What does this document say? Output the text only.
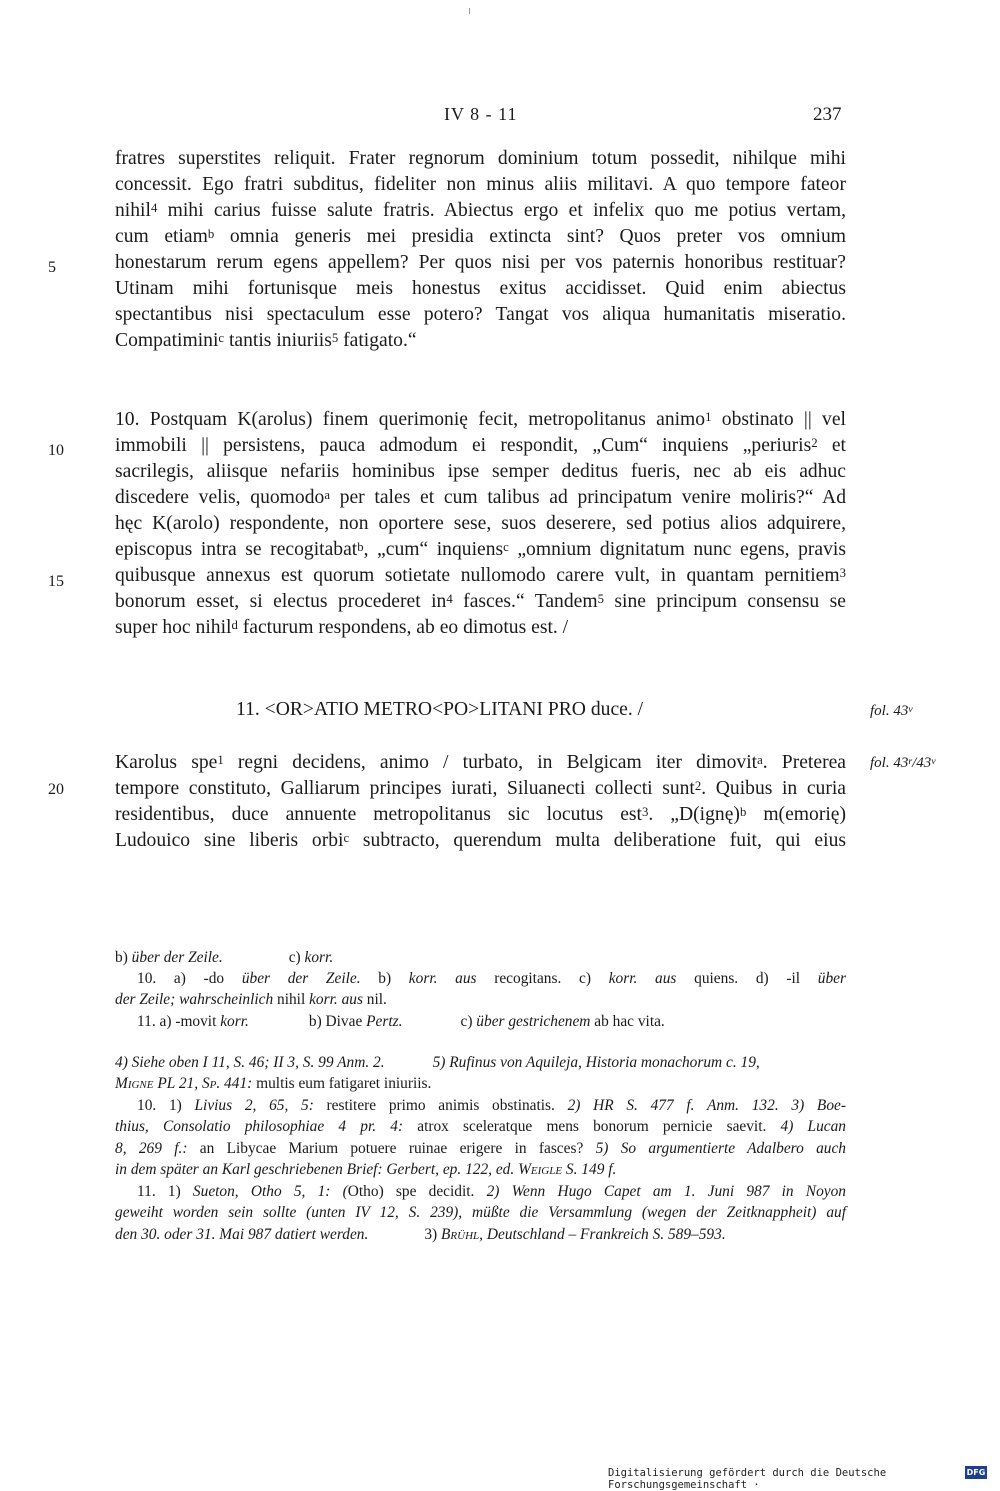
IV 8 - 11	237
5
10
15
20
fol. 43$^v$
fol. 43$^r$/43$^v$
fratres superstites reliquit. Frater regnorum dominium totum possedit, nihilque mihi
concessit. Ego fratri subditus, fideliter non minus aliis militavi. A quo tempore fateor
nihil$^4$ mihi carius fuisse salute fratris. Abiectus ergo et infelix quo me potius vertam,
cum etiam$^b$ omnia generis mei presidia extincta sint? Quos preter vos omnium
honestarum rerum egens appellem? Per quos nisi per vos paternis honoribus restituar?
Utinam mihi fortunisque meis honestus exitus accidisset. Quid enim abiectus
spectantibus nisi spectaculum esse potero? Tangat vos aliqua humanitatis miseratio.
Compatimini$^c$ tantis iniuriis$^5$ fatigato.“
10. Postquam K(arolus) finem querimonię fecit, metropolitanus animo$^1$ obstinato || vel
immobili || persistens, pauca admodum ei respondit, „Cum“ inquiens „periuris$^2$ et
sacrilegis, aliisque nefariis hominibus ipse semper deditus fueris, nec ab eis adhuc
discedere velis, quomodo$^a$ per tales et cum talibus ad principatum venire moliris?“ Ad
hęc K(arolo) respondente, non oportere sese, suos deserere, sed potius alios adquirere,
episcopus intra se recogitabat$^b$, „cum“ inquiens$^c$ „omnium dignitatum nunc egens, pravis
quibusque annexus est quorum sotietate nullomodo carere vult, in quantam pernitiem$^3$
bonorum esset, si electus procederet $in^4$ fasces.“ Tandem$^5$ sine principum consensu se
super hoc nihil$^d$ facturum respondens, ab eo dimotus est. /
11. <OR>ATIO METRO<PO>LITANI PRO duce. /
Karolus spe$^1$ regni decidens, animo / turbato, in Belgicam iter dimovit$^a$. Preterea
tempore constituto, Galliarum principes iurati, Siluanecti collecti sunt$^2$. Quibus in curia
residentibus, duce annuente metropolitanus sic locutus est$^3$. „D(ignę)$^b$ m(emorię)
Ludouico sine liberis orbi$^c$ subtracto, querendum multa deliberatione fuit, qui eius
b) über der Zeile.	c) korr.
10. a) -do über der Zeile. b) korr. aus recogitans. c) korr. aus quiens. d) -il über
der Zeile; wahrscheinlich nihil korr. aus nil.
11. a) -movit korr.	b) Divae Pertz.	c) über gestrichenem ab hac vita.
4) Siehe oben I 11, S. 46; II 3, S. 99 Anm. 2.	5) Rufinus von Aquileja, Historia monachorum c. 19,
Migne PL 21, Sp. 441: multis eum fatigaret iniuriis.
10. 1) Livius 2, 65, 5: restitere primo animis obstinatis. 2) HR S. 477 f. Anm. 132. 3) Boe-
thius, Consolatio philosophiae 4 pr. 4: atrox sceleratque mens bonorum pernicie saevit. 4) Lucan
8, 269 f.: an Libycae Marium potuere ruinae erigere in fasces? 5) So argumentierte Adalbero auch
in dem später an Karl geschriebenen Brief: Gerbert, ep. 122, ed. Weigle S. 149 f.
11. 1) Sueton, Otho 5, 1: (Otho) spe decidit. 2) Wenn Hugo Capet am 1. Juni 987 in Noyon
geweiht worden sein sollte (unten IV 12, S. 239), müßte die Versammlung (wegen der Zeitknappheit) auf
den 30. oder 31. Mai 987 datiert werden.	3) Brühl, Deutschland – Frankreich S. 589–593.
Digitalisierung gefördert durch die Deutsche Forschungsgemeinschaft ·
DFG
